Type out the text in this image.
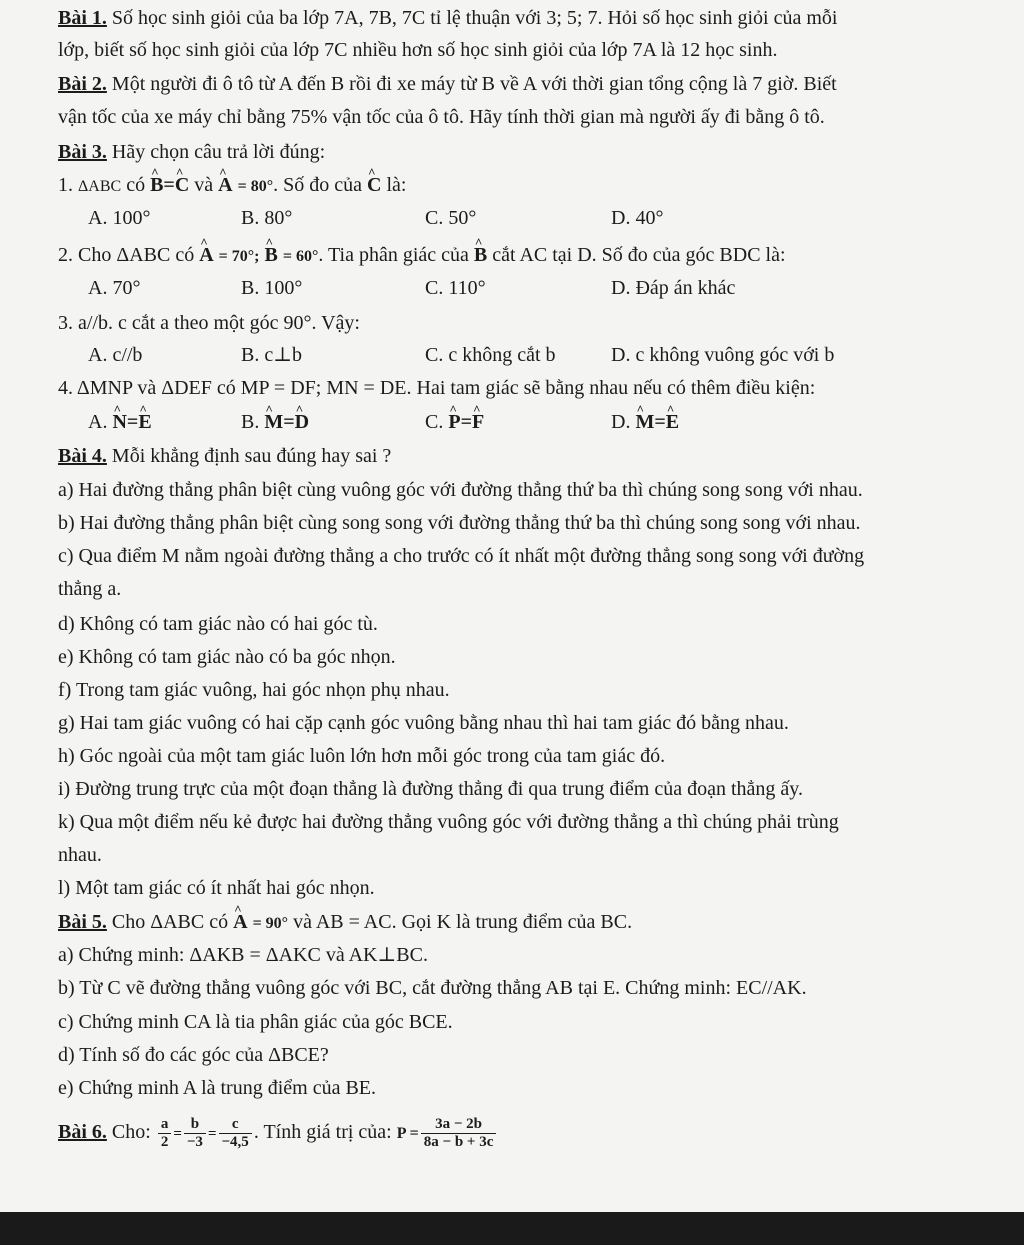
Bài 1. Số học sinh giỏi của ba lớp 7A, 7B, 7C tỉ lệ thuận với 3; 5; 7. Hỏi số học sinh giỏi của mỗi
lớp, biết số học sinh giỏi của lớp 7C nhiều hơn số học sinh giỏi của lớp 7A là 12 học sinh.
Bài 2. Một người đi ô tô từ A đến B rồi đi xe máy từ B về A với thời gian tổng cộng là 7 giờ. Biết
vận tốc của xe máy chỉ bằng 75% vận tốc của ô tô. Hãy tính thời gian mà người ấy đi bằng ô tô.
Bài 3. Hãy chọn câu trả lời đúng:
1. ΔABC có B ^=C ^ và A ^ = 80°. Số đo của C ^ là:
A. 100°	B. 80°	C. 50°	D. 40°
2. Cho ΔABC có A ^ = 70°; B ^ = 60°. Tia phân giác của B ^ cắt AC tại D. Số đo của góc BDC là:
A. 70°	B. 100°	C. 110°	D. Đáp án khác
3. a//b. c cắt a theo một góc 90°. Vậy:
A. c//b	B. c⊥b	C. c không cắt b	D. c không vuông góc với b
4. ΔMNP và ΔDEF có MP = DF; MN = DE. Hai tam giác sẽ bằng nhau nếu có thêm điều kiện:
A. N ^=E ^	B. M ^=D ^	C. P ^=F ^	D. M ^=E ^
Bài 4. Mỗi khẳng định sau đúng hay sai ?
a) Hai đường thẳng phân biệt cùng vuông góc với đường thẳng thứ ba thì chúng song song với nhau.
b) Hai đường thẳng phân biệt cùng song song với đường thẳng thứ ba thì chúng song song với nhau.
c) Qua điểm M nằm ngoài đường thẳng a cho trước có ít nhất một đường thẳng song song với đường
thẳng a.
d) Không có tam giác nào có hai góc tù.
e) Không có tam giác nào có ba góc nhọn.
f) Trong tam giác vuông, hai góc nhọn phụ nhau.
g) Hai tam giác vuông có hai cặp cạnh góc vuông bằng nhau thì hai tam giác đó bằng nhau.
h) Góc ngoài của một tam giác luôn lớn hơn mỗi góc trong của tam giác đó.
i) Đường trung trực của một đoạn thẳng là đường thẳng đi qua trung điểm của đoạn thẳng ấy.
k) Qua một điểm nếu kẻ được hai đường thẳng vuông góc với đường thẳng a thì chúng phải trùng
nhau.
l) Một tam giác có ít nhất hai góc nhọn.
Bài 5. Cho ΔABC có A ^ = 90° và AB = AC. Gọi K là trung điểm của BC.
a) Chứng minh: ΔAKB = ΔAKC và AK⊥BC.
b) Từ C vẽ đường thẳng vuông góc với BC, cắt đường thẳng AB tại E. Chứng minh: EC//AK.
c) Chứng minh CA là tia phân giác của góc BCE.
d) Tính số đo các góc của ΔBCE?
e) Chứng minh A là trung điểm của BE.
Bài 6. Cho: $\frac{a}{2} = \frac{b}{-3} = \frac{c}{-4,5}$ . Tính giá trị của: $P = \frac{3a - 2b}{8a - b + 3c}$
